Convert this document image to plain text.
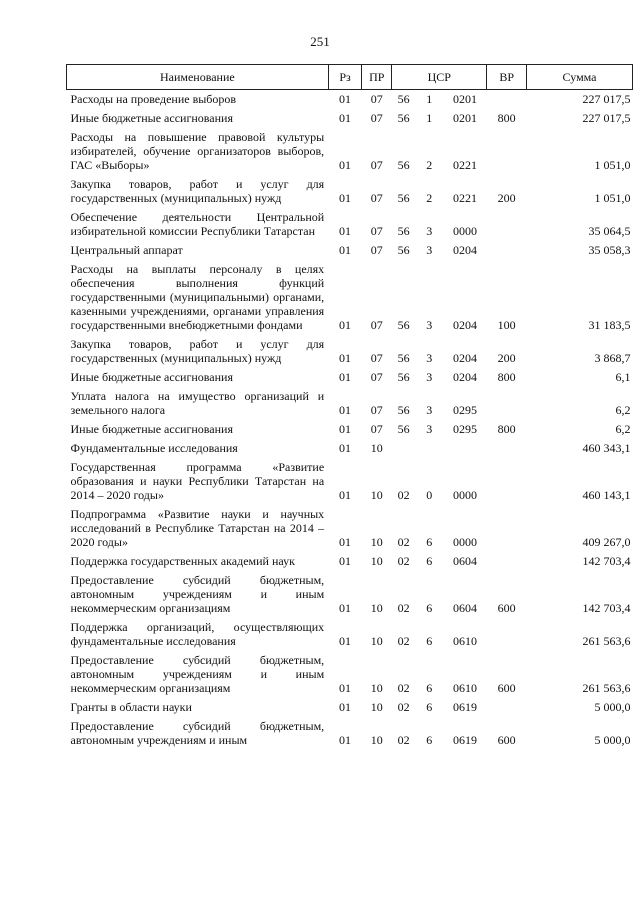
251
Наименование	Рз	ПР	ЦСР			ВР	Сумма
Расходы на проведение выборов	01	07	56	1	0201		227 017,5
Иные бюджетные ассигнования	01	07	56	1	0201	800	227 017,5
Расходы на повышение правовой культуры избирателей, обучение организаторов выборов, ГАС «Выборы»	01	07	56	2	0221		1 051,0
Закупка товаров, работ и услуг для государственных (муниципальных) нужд	01	07	56	2	0221	200	1 051,0
Обеспечение деятельности Центральной избирательной комиссии Республики Татарстан	01	07	56	3	0000		35 064,5
Центральный аппарат	01	07	56	3	0204		35 058,3
Расходы на выплаты персоналу в целях обеспечения выполнения функций государственными (муниципальными) органами, казенными учреждениями, органами управления государственными внебюджетными фондами	01	07	56	3	0204	100	31 183,5
Закупка товаров, работ и услуг для государственных (муниципальных) нужд	01	07	56	3	0204	200	3 868,7
Иные бюджетные ассигнования	01	07	56	3	0204	800	6,1
Уплата налога на имущество организаций и земельного налога	01	07	56	3	0295		6,2
Иные бюджетные ассигнования	01	07	56	3	0295	800	6,2
Фундаментальные исследования	01	10					460 343,1
Государственная программа «Развитие образования и науки Республики Татарстан на 2014 – 2020 годы»	01	10	02	0	0000		460 143,1
Подпрограмма «Развитие науки и научных исследований в Республике Татарстан на 2014 – 2020 годы»	01	10	02	6	0000		409 267,0
Поддержка государственных академий наук	01	10	02	6	0604		142 703,4
Предоставление субсидий бюджетным, автономным учреждениям и иным некоммерческим организациям	01	10	02	6	0604	600	142 703,4
Поддержка организаций, осуществляющих фундаментальные исследования	01	10	02	6	0610		261 563,6
Предоставление субсидий бюджетным, автономным учреждениям и иным некоммерческим организациям	01	10	02	6	0610	600	261 563,6
Гранты в области науки	01	10	02	6	0619		5 000,0
Предоставление субсидий бюджетным, автономным учреждениям и иным	01	10	02	6	0619	600	5 000,0
